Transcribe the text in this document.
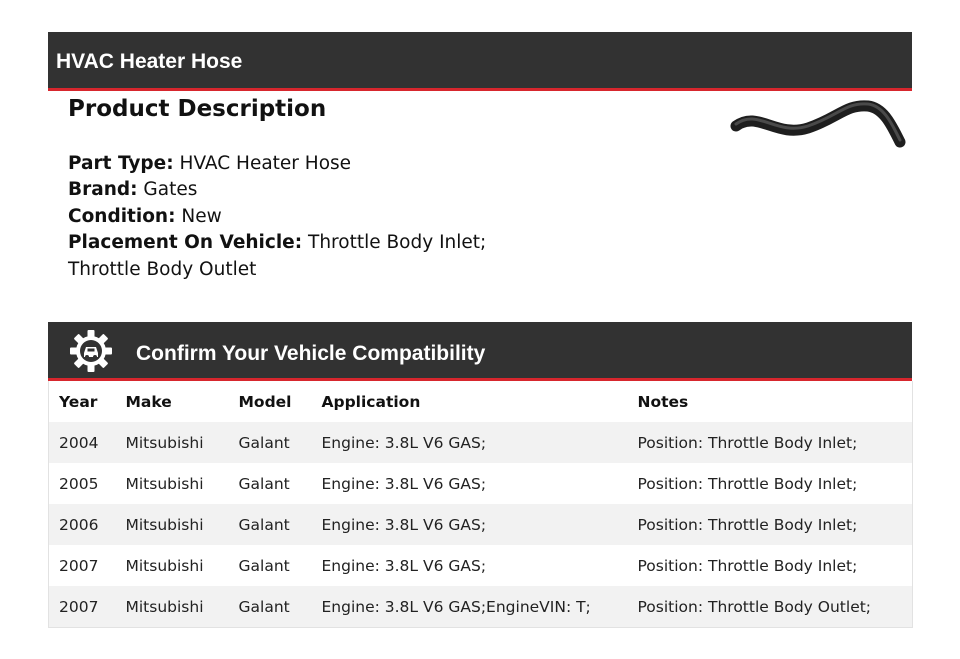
HVAC Heater Hose
Product Description
Part Type: HVAC Heater Hose
Brand: Gates
Condition: New
Placement On Vehicle: Throttle Body Inlet; Throttle Body Outlet
Confirm Your Vehicle Compatibility
Year	Make	Model	Application	Notes
2004	Mitsubishi	Galant	Engine: 3.8L V6 GAS;	Position: Throttle Body Inlet;
2005	Mitsubishi	Galant	Engine: 3.8L V6 GAS;	Position: Throttle Body Inlet;
2006	Mitsubishi	Galant	Engine: 3.8L V6 GAS;	Position: Throttle Body Inlet;
2007	Mitsubishi	Galant	Engine: 3.8L V6 GAS;	Position: Throttle Body Inlet;
2007	Mitsubishi	Galant	Engine: 3.8L V6 GAS;EngineVIN: T;	Position: Throttle Body Outlet;
